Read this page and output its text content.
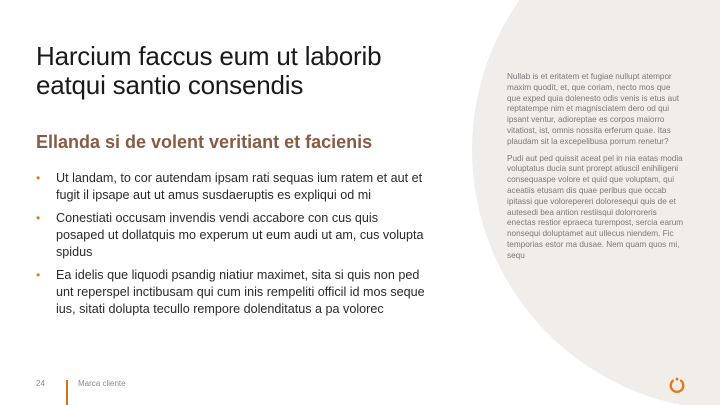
Harcium faccus eum ut laborib eatqui santio consendis
Ellanda si de volent veritiant et facienis
• Ut landam, to cor autendam ipsam rati sequas ium ratem et aut et fugit il ipsape aut ut amus susdaeruptis es expliqui od mi
• Conestiati occusam invendis vendi accabore con cus quis posaped ut dollatquis mo experum ut eum audi ut am, cus volupta spidus
• Ea idelis que liquodi psandig niatiur maximet, sita si quis non ped unt reperspel inctibusam qui cum inis rempeliti officil id mos seque ius, sitati dolupta tecullo rempore dolenditatus a pa volorec

Nullab is et eritatem et fugiae nullupt atempor maxim quodit, et, que coriam, necto mos que que exped quia dolenesto odis venis is etus aut reptatempe nim et magnisciatem dero od qui ipsant ventur, adioreptae es corpos maiorro vitatiost, ist, omnis nossita erferum quae. Itas plaudam sit la excepelibusa porrum renetur?

Pudi aut ped quissit aceat pel in nia eatas modia voluptatus ducia sunt prorept atiuscil enihiligeni consequaspe volore et quid que voluptam, qui aceatiis etusam dis quae peribus que occab ipitassi que volorepereri doloresequi quis de et autesedi bea antion restiisqui dolorroreris enectas restior epraeca turempost, sercia earum nonsequi doluptamet aut ullecus niendem. Fic temporias estor ma dusae. Nem quam quos mi, sequ

24	Marca cliente
